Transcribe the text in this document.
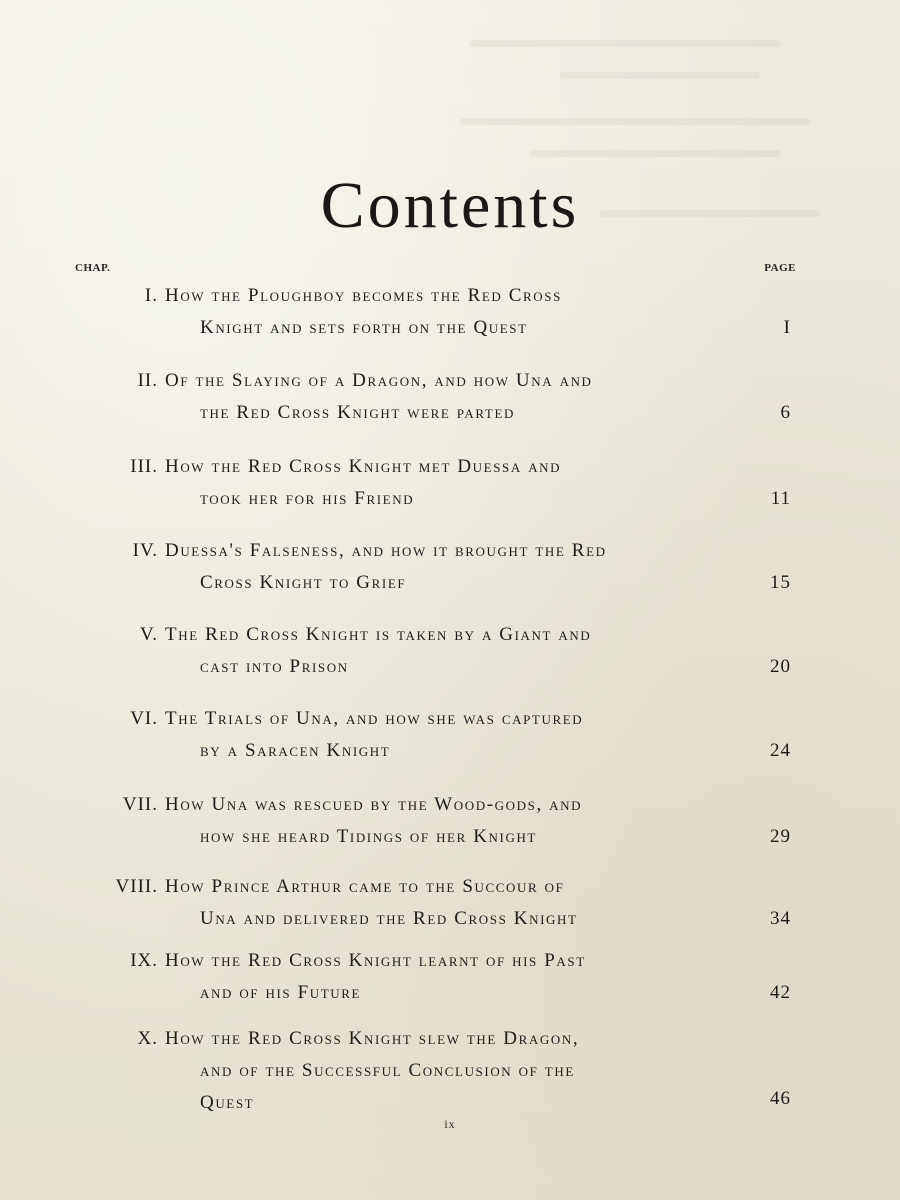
Contents
CHAP.	PAGE
I. How the Ploughboy becomes the Red Cross
Knight and sets forth on the Quest	I
II. Of the Slaying of a Dragon, and how Una and
the Red Cross Knight were parted	6
III. How the Red Cross Knight met Duessa and
took her for his Friend	11
IV. Duessa's Falseness, and how it brought the Red
Cross Knight to Grief	15
V. The Red Cross Knight is taken by a Giant and
cast into Prison	20
VI. The Trials of Una, and how she was captured
by a Saracen Knight	24
VII. How Una was rescued by the Wood-gods, and
how she heard Tidings of her Knight	29
VIII. How Prince Arthur came to the Succour of
Una and delivered the Red Cross Knight	34
IX. How the Red Cross Knight learnt of his Past
and of his Future	42
X. How the Red Cross Knight slew the Dragon,
and of the Successful Conclusion of the
Quest	46
ix
